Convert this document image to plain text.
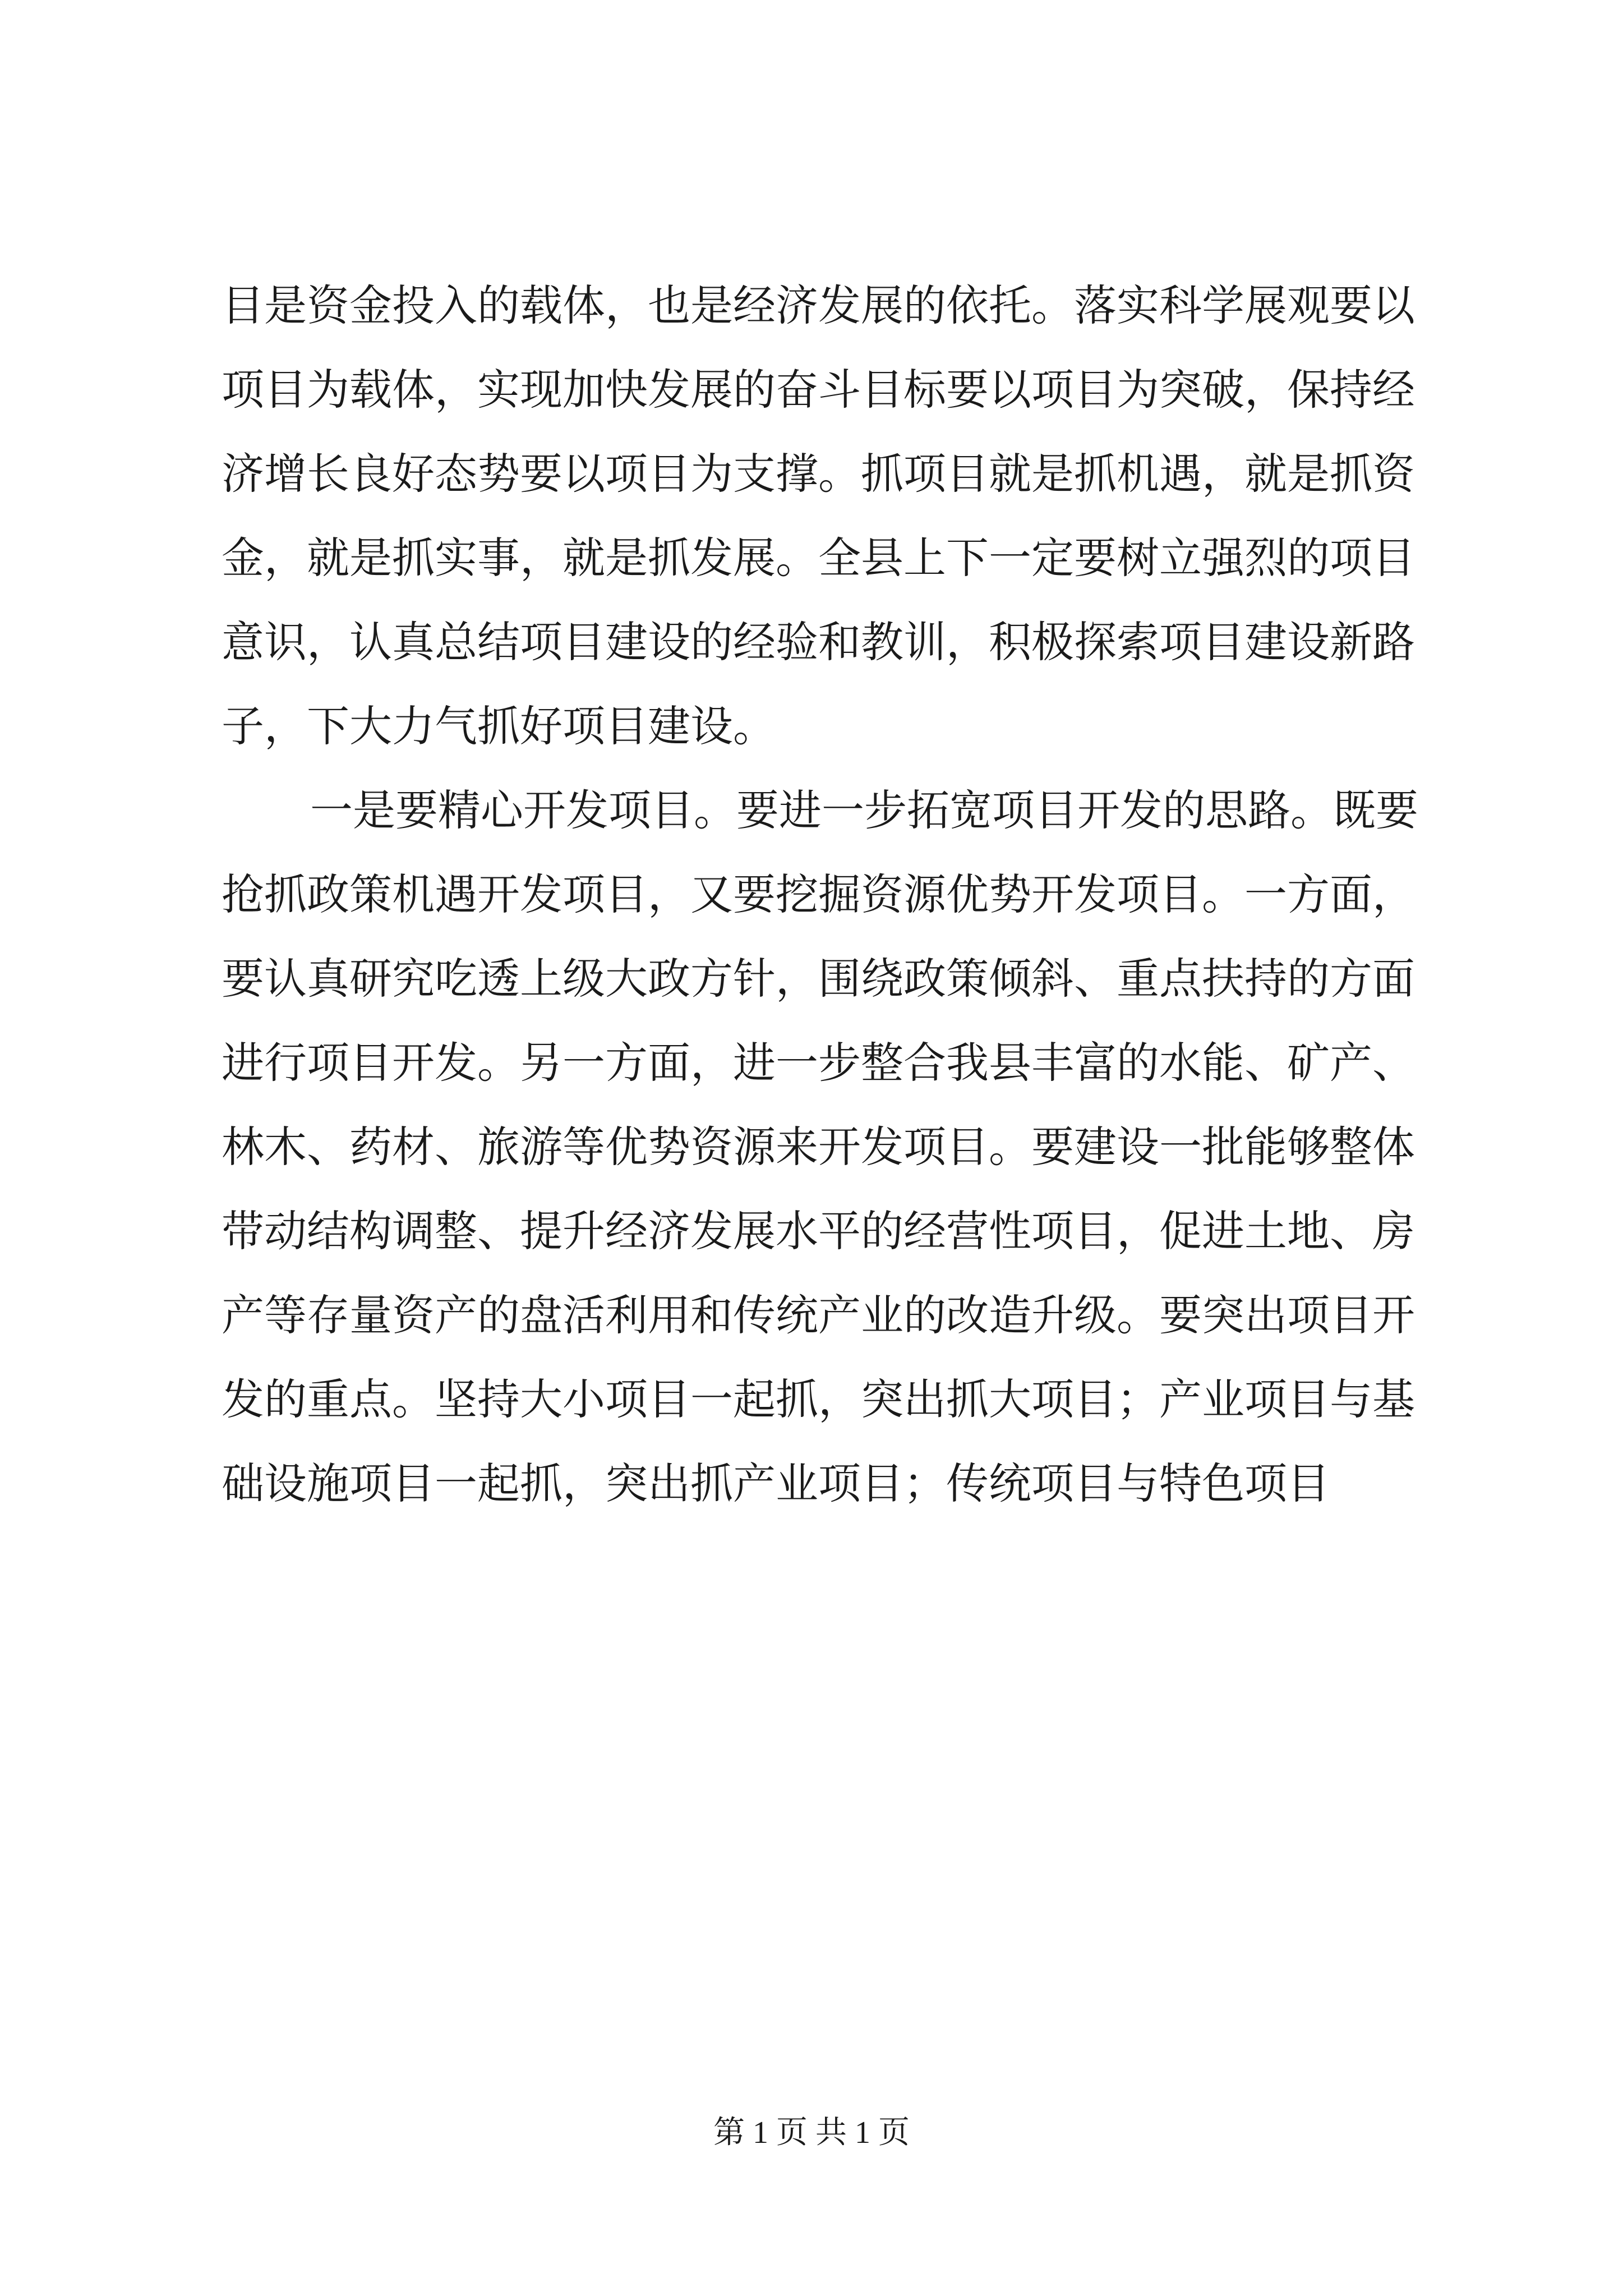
目是资金投入的载体，也是经济发展的依托。落实科学展观要以
项目为载体，实现加快发展的奋斗目标要以项目为突破，保持经
济增长良好态势要以项目为支撑。抓项目就是抓机遇，就是抓资
金，就是抓实事，就是抓发展。全县上下一定要树立强烈的项目
意识，认真总结项目建设的经验和教训，积极探索项目建设新路
子，下大力气抓好项目建设。
一是要精心开发项目。要进一步拓宽项目开发的思路。既要
抢抓政策机遇开发项目，又要挖掘资源优势开发项目。一方面，
要认真研究吃透上级大政方针，围绕政策倾斜、重点扶持的方面
进行项目开发。另一方面，进一步整合我县丰富的水能、矿产、
林木、药材、旅游等优势资源来开发项目。要建设一批能够整体
带动结构调整、提升经济发展水平的经营性项目，促进土地、房
产等存量资产的盘活利用和传统产业的改造升级。要突出项目开
发的重点。坚持大小项目一起抓，突出抓大项目；产业项目与基
础设施项目一起抓，突出抓产业项目；传统项目与特色项目
第 1 页 共 1 页
